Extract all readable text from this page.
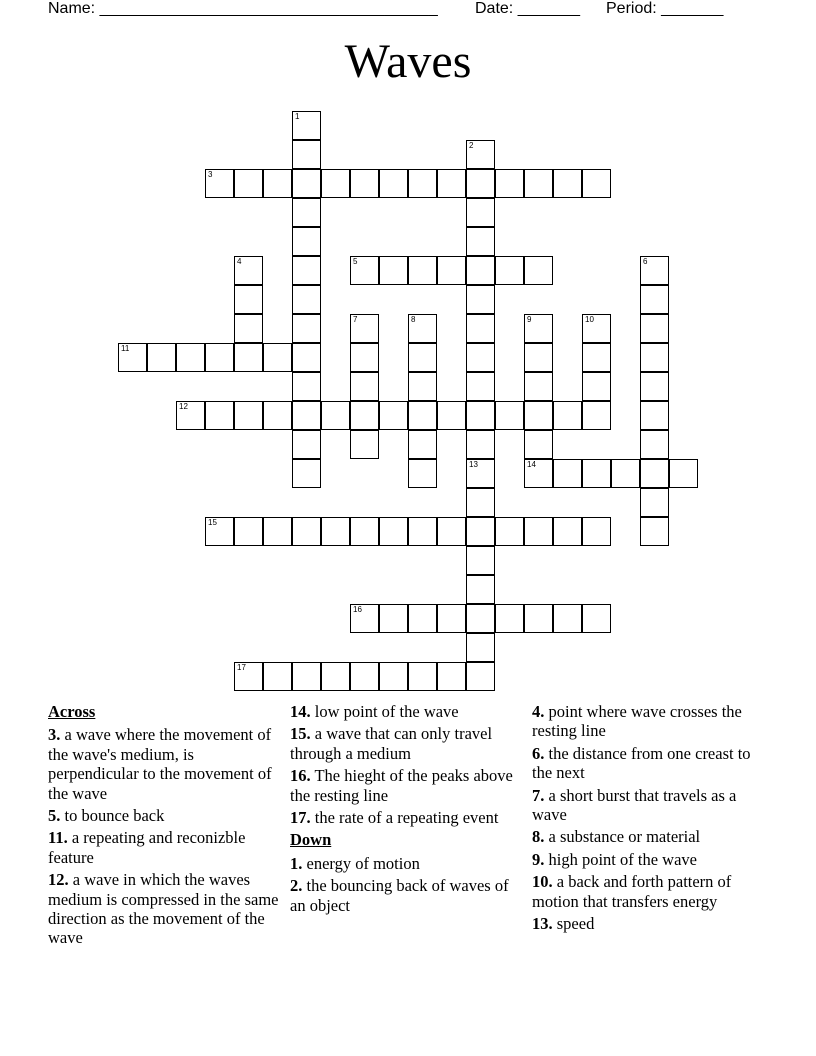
Name: ______________________________________ Date: _______ Period: _______
Waves
1
2
3
4	5	6
7	8	9
14
10
11
12
13
15
16
17
Across
3. a wave where the movement of the wave's medium, is perpendicular to the movement of the wave
5. to bounce back
11. a repeating and reconizble feature
12. a wave in which the waves medium is compressed in the same direction as the movement of the wave
14. low point of the wave
15. a wave that can only travel through a medium
16. The hieght of the peaks above the resting line
17. the rate of a repeating event
Down
1. energy of motion
2. the bouncing back of waves of an object
4. point where wave crosses the resting line
6. the distance from one creast to the next
7. a short burst that travels as a wave
8. a substance or material
9. high point of the wave
10. a back and forth pattern of motion that transfers energy
13. speed
